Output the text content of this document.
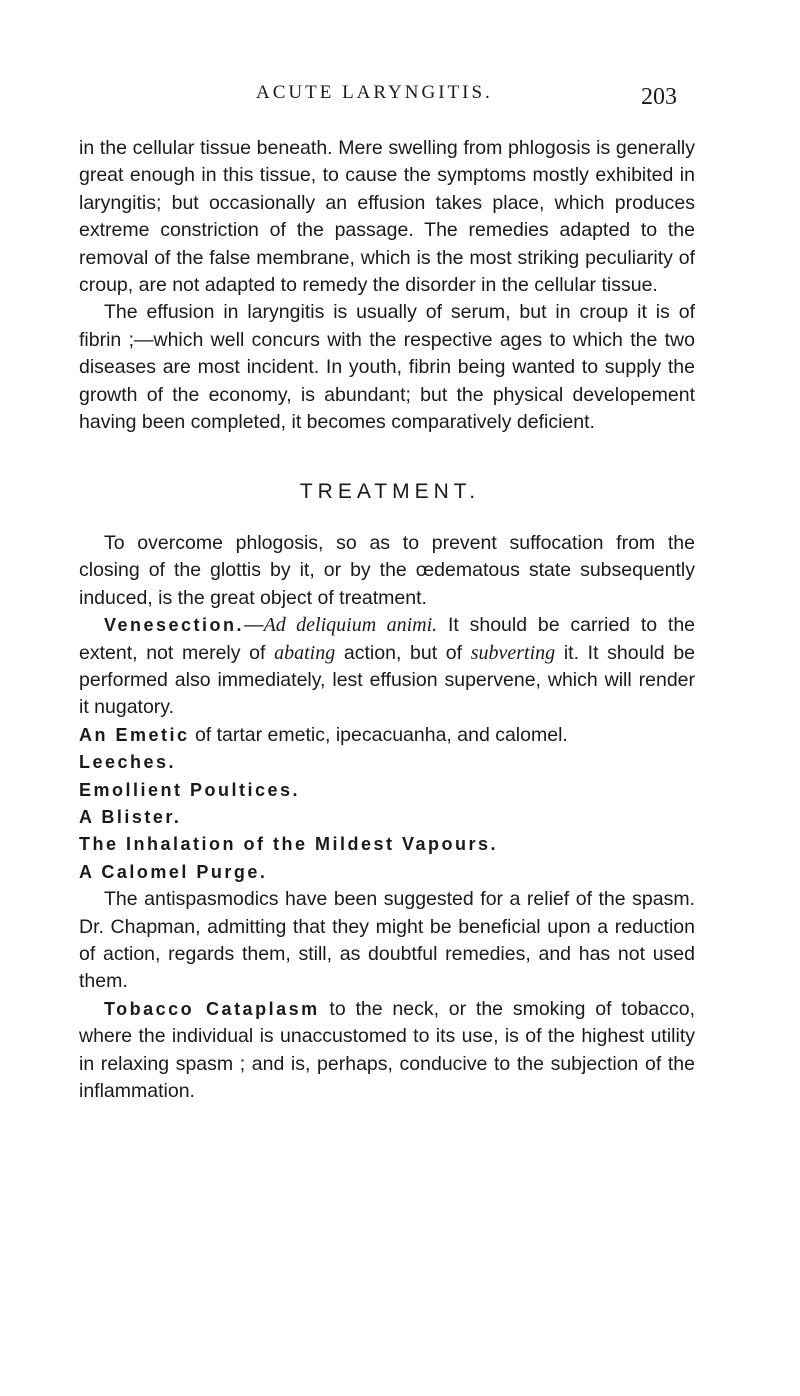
ACUTE LARYNGITIS.	203

in the cellular tissue beneath. Mere swelling from phlogosis is generally great enough in this tissue, to cause the symptoms mostly exhibited in laryngitis; but occasionally an effusion takes place, which produces extreme constriction of the passage. The remedies adapted to the removal of the false membrane, which is the most striking peculiarity of croup, are not adapted to remedy the disorder in the cellular tissue.

The effusion in laryngitis is usually of serum, but in croup it is of fibrin ;—which well concurs with the respective ages to which the two diseases are most incident. In youth, fibrin being wanted to supply the growth of the economy, is abundant; but the physical developement having been completed, it becomes comparatively deficient.

TREATMENT.

To overcome phlogosis, so as to prevent suffocation from the closing of the glottis by it, or by the œdematous state subsequently induced, is the great object of treatment.

Venesection.—Ad deliquium animi. It should be carried to the extent, not merely of abating action, but of subverting it. It should be performed also immediately, lest effusion supervene, which will render it nugatory.

An Emetic of tartar emetic, ipecacuanha, and calomel.

Leeches.

Emollient Poultices.

A Blister.

The Inhalation of the Mildest Vapours.

A Calomel Purge.

The antispasmodics have been suggested for a relief of the spasm. Dr. Chapman, admitting that they might be beneficial upon a reduction of action, regards them, still, as doubtful remedies, and has not used them.

Tobacco Cataplasm to the neck, or the smoking of tobacco, where the individual is unaccustomed to its use, is of the highest utility in relaxing spasm ; and is, perhaps, conducive to the subjection of the inflammation.
